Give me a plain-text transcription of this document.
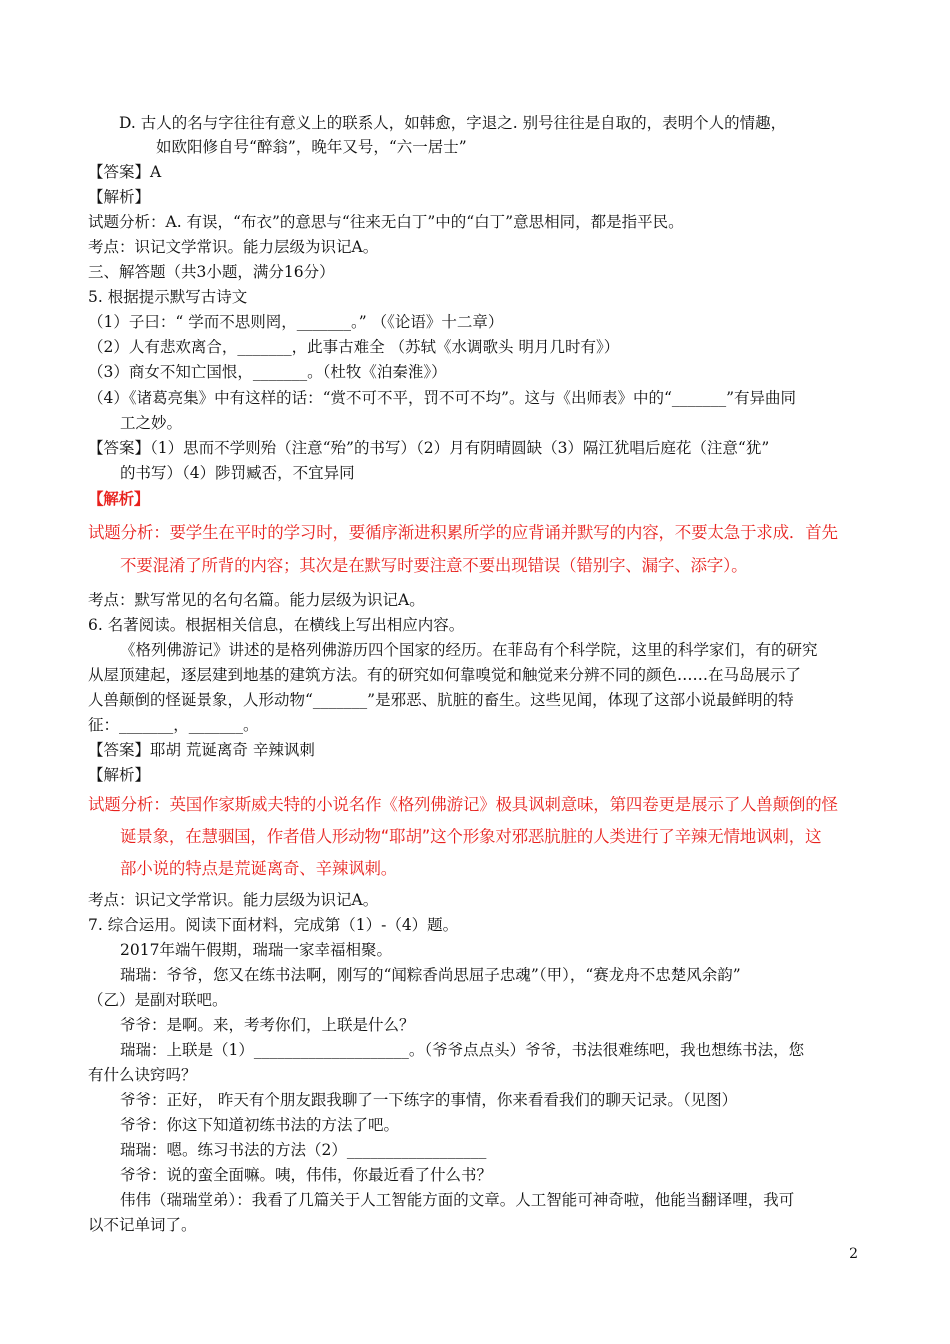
D. 古人的名与字往往有意义上的联系人，如韩愈，字退之. 别号往往是自取的，表明个人的情趣，
如欧阳修自号“醉翁”，晚年又号，“六一居士”
【答案】A
【解析】
试题分析：A. 有误，“布衣”的意思与“往来无白丁”中的“白丁”意思相同，都是指平民。
考点：识记文学常识。能力层级为识记A。
三、解答题（共3小题，满分16分）
5. 根据提示默写古诗文
（1）子曰：“ 学而不思则罔，_______。” （《论语》十二章）
（2）人有悲欢离合，_______，此事古难全 （苏轼《水调歌头 明月几时有》）
（3）商女不知亡国恨，_______。（杜牧《泊秦淮》）
（4）《诸葛亮集》中有这样的话：“赏不可不平，罚不可不均”。这与《出师表》中的“_______”有异曲同
工之妙。
【答案】（1）思而不学则殆（注意“殆”的书写）（2）月有阴晴圆缺（3）隔江犹唱后庭花（注意“犹”
的书写）（4）陟罚臧否，不宜异同
【解析】
试题分析：要学生在平时的学习时，要循序渐进积累所学的应背诵并默写的内容，不要太急于求成．首先
不要混淆了所背的内容；其次是在默写时要注意不要出现错误（错别字、漏字、添字）。
考点：默写常见的名句名篇。能力层级为识记A。
6. 名著阅读。根据相关信息，在横线上写出相应内容。
《格列佛游记》讲述的是格列佛游历四个国家的经历。在菲岛有个科学院，这里的科学家们，有的研究
从屋顶建起，逐层建到地基的建筑方法。有的研究如何靠嗅觉和触觉来分辨不同的颜色……在马岛展示了
人兽颠倒的怪诞景象，人形动物“_______”是邪恶、肮脏的畜生。这些见闻，体现了这部小说最鲜明的特
征：_______，_______。
【答案】耶胡 荒诞离奇 辛辣讽刺
【解析】
试题分析：英国作家斯威夫特的小说名作《格列佛游记》极具讽刺意味，第四卷更是展示了人兽颠倒的怪
诞景象，在慧骃国，作者借人形动物“耶胡”这个形象对邪恶肮脏的人类进行了辛辣无情地讽刺，这
部小说的特点是荒诞离奇、辛辣讽刺。
考点：识记文学常识。能力层级为识记A。
7. 综合运用。阅读下面材料，完成第（1）-（4）题。
2017年端午假期，瑞瑞一家幸福相聚。
瑞瑞：爷爷，您又在练书法啊，刚写的“闻粽香尚思屈子忠魂”（甲），“赛龙舟不忠楚风余韵”
（乙）是副对联吧。
爷爷：是啊。来，考考你们，上联是什么？
瑞瑞：上联是（1）____________________。（爷爷点点头）爷爷，书法很难练吧，我也想练书法，您
有什么诀窍吗？
爷爷：正好， 昨天有个朋友跟我聊了一下练字的事情，你来看看我们的聊天记录。（见图）
爷爷：你这下知道初练书法的方法了吧。
瑞瑞：嗯。练习书法的方法（2）__________________
爷爷：说的蛮全面嘛。咦，伟伟，你最近看了什么书？
伟伟（瑞瑞堂弟）：我看了几篇关于人工智能方面的文章。人工智能可神奇啦，他能当翻译哩，我可
以不记单词了。
2
